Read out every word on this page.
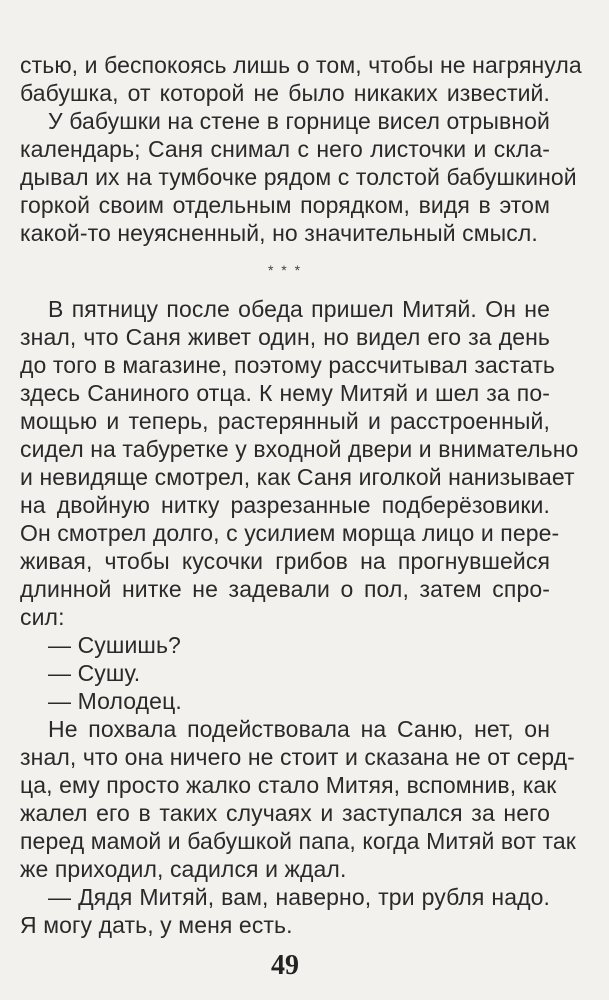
стью, и беспокоясь лишь о том, чтобы не нагрянула
бабушка, от которой не было никаких известий.
У бабушки на стене в горнице висел отрывной
календарь; Саня снимал с него листочки и скла-
дывал их на тумбочке рядом с толстой бабушкиной
горкой своим отдельным порядком, видя в этом
какой-то неуясненный, но значительный смысл.
* * *
В пятницу после обеда пришел Митяй. Он не
знал, что Саня живет один, но видел его за день
до того в магазине, поэтому рассчитывал застать
здесь Саниного отца. К нему Митяй и шел за по-
мощью и теперь, растерянный и расстроенный,
сидел на табуретке у входной двери и внимательно
и невидяще смотрел, как Саня иголкой нанизывает
на двойную нитку разрезанные подберёзовики.
Он смотрел долго, с усилием морща лицо и пере-
живая, чтобы кусочки грибов на прогнувшейся
длинной нитке не задевали о пол, затем спро-
сил:
— Сушишь?
— Сушу.
— Молодец.
Не похвала подействовала на Саню, нет, он
знал, что она ничего не стоит и сказана не от серд-
ца, ему просто жалко стало Митяя, вспомнив, как
жалел его в таких случаях и заступался за него
перед мамой и бабушкой папа, когда Митяй вот так
же приходил, садился и ждал.
— Дядя Митяй, вам, наверно, три рубля надо.
Я могу дать, у меня есть.
49
